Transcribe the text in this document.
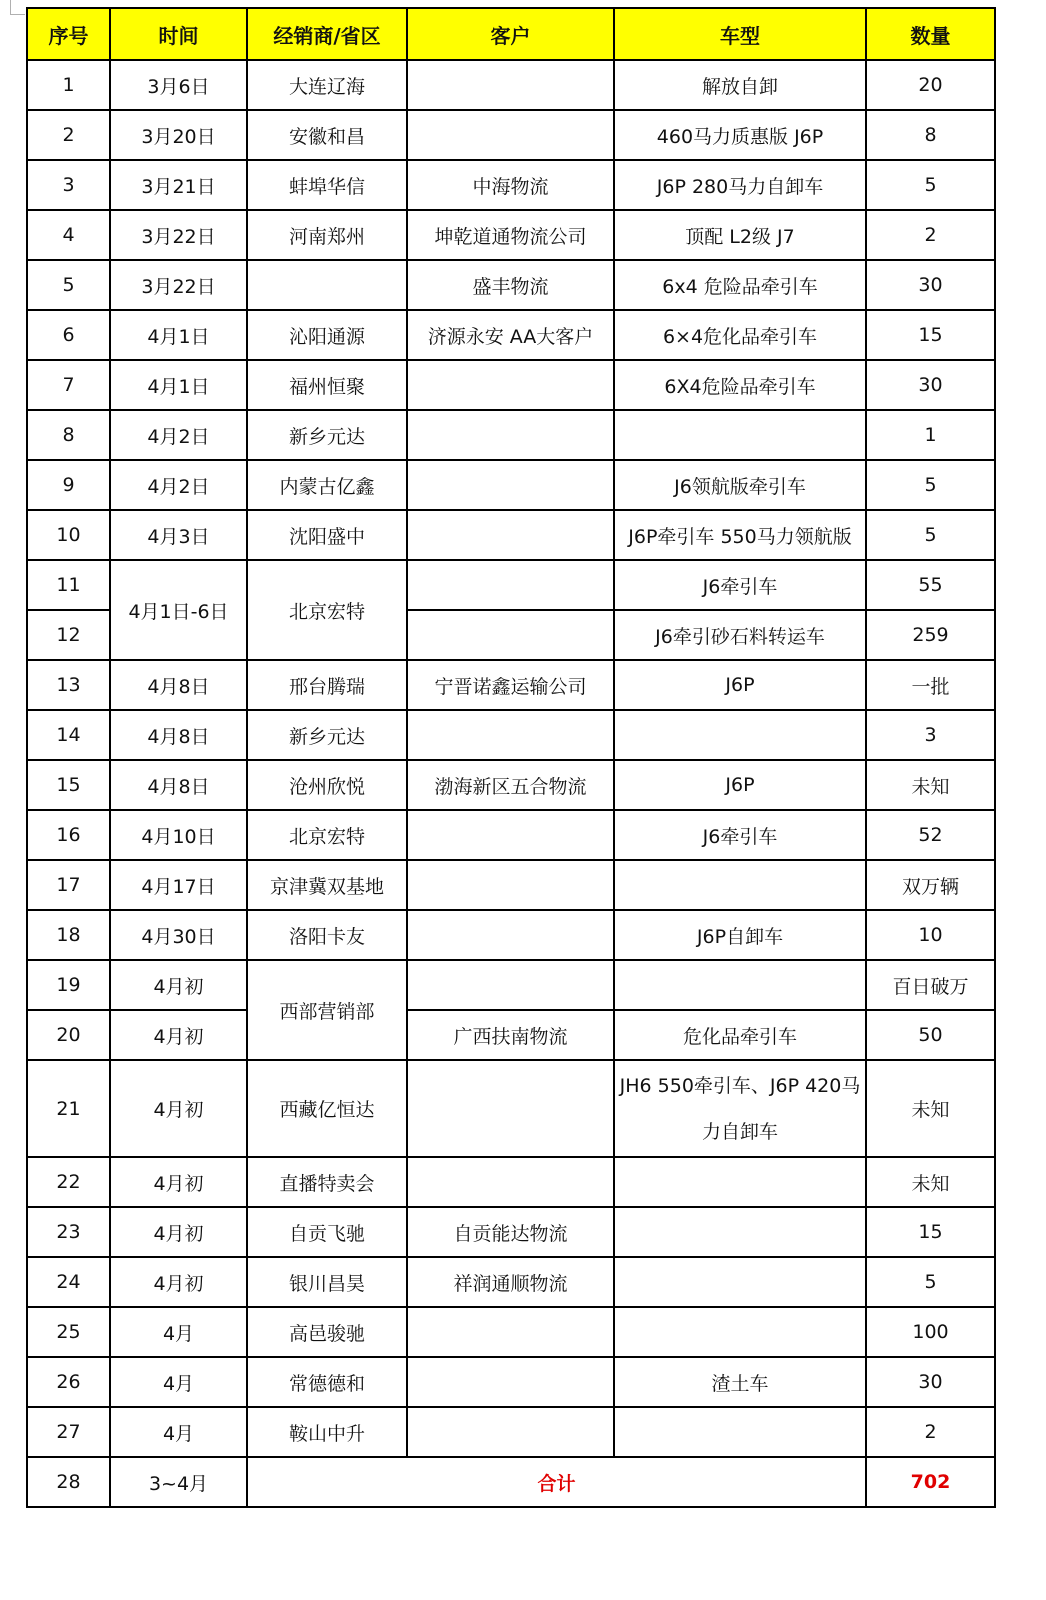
序号	时间	经销商/省区	客户	车型	数量
1	3月6日	大连辽海		解放自卸	20
2	3月20日	安徽和昌		460马力质惠版 J6P	8
3	3月21日	蚌埠华信	中海物流	J6P 280马力自卸车	5
4	3月22日	河南郑州	坤乾道通物流公司	顶配 L2级 J7	2
5	3月22日		盛丰物流	6x4 危险品牵引车	30
6	4月1日	沁阳通源	济源永安 AA大客户	6×4危化品牵引车	15
7	4月1日	福州恒聚		6X4危险品牵引车	30
8	4月2日	新乡元达			1
9	4月2日	内蒙古亿鑫		J6领航版牵引车	5
10	4月3日	沈阳盛中		J6P牵引车 550马力领航版	5
11	4月1日-6日	北京宏特		J6牵引车	55
12				J6牵引砂石料转运车	259
13	4月8日	邢台腾瑞	宁晋诺鑫运输公司	J6P	一批
14	4月8日	新乡元达			3
15	4月8日	沧州欣悦	渤海新区五合物流	J6P	未知
16	4月10日	北京宏特		J6牵引车	52
17	4月17日	京津冀双基地			双万辆
18	4月30日	洛阳卡友		J6P自卸车	10
19	4月初	西部营销部			百日破万
20	4月初		广西扶南物流	危化品牵引车	50
21	4月初	西藏亿恒达		JH6 550牵引车、J6P 420马力自卸车	未知
22	4月初	直播特卖会			未知
23	4月初	自贡飞驰	自贡能达物流		15
24	4月初	银川昌昊	祥润通顺物流		5
25	4月	高邑骏驰			100
26	4月	常德德和		渣土车	30
27	4月	鞍山中升			2
28	3~4月	合计			702
